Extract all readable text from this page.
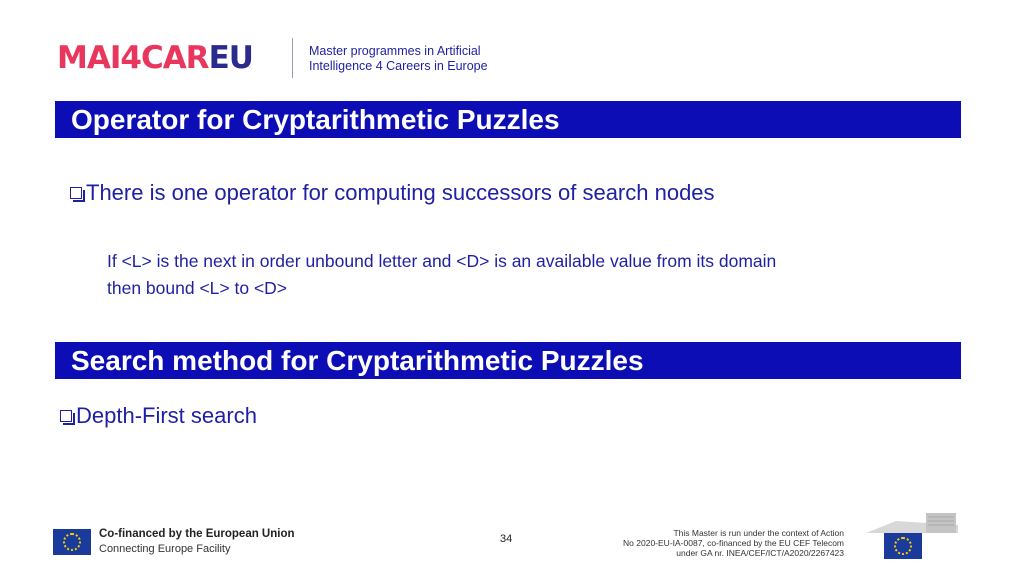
MAI4CAREU	Master programmes in Artificial
Intelligence 4 Careers in Europe
Operator for Cryptarithmetic Puzzles
There is one operator for computing successors of search nodes
If <L> is the next in order unbound letter and <D> is an available value from its domain
then bound <L> to <D>
Search method for Cryptarithmetic Puzzles
Depth-First search
Co-financed by the European Union
Connecting Europe Facility
34	This Master is run under the context of Action
No 2020-EU-IA-0087, co-financed by the EU CEF Telecom
under GA nr. INEA/CEF/ICT/A2020/2267423
